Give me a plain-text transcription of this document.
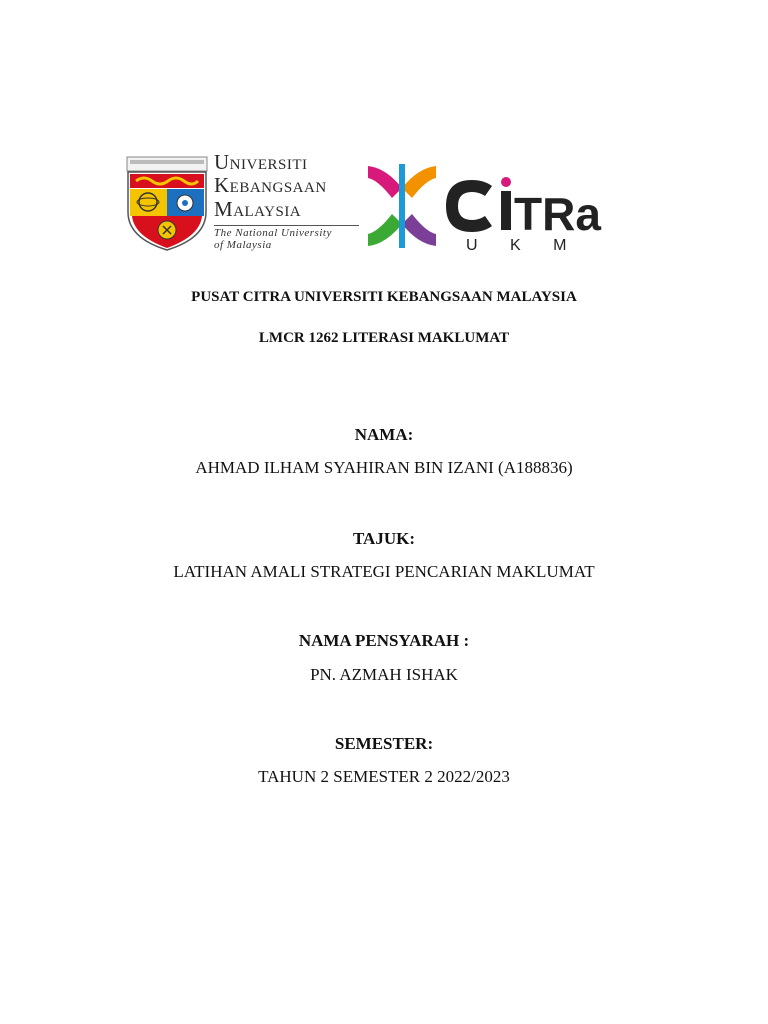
UNIVERSITI
KEBANGSAAN
MALAYSIA
The National University
of Malaysia
TRa
U K M
PUSAT CITRA UNIVERSITI KEBANGSAAN MALAYSIA
LMCR 1262 LITERASI MAKLUMAT
NAMA:
AHMAD ILHAM SYAHIRAN BIN IZANI (A188836)
TAJUK:
LATIHAN AMALI STRATEGI PENCARIAN MAKLUMAT
NAMA PENSYARAH :
PN. AZMAH ISHAK
SEMESTER:
TAHUN 2 SEMESTER 2 2022/2023
